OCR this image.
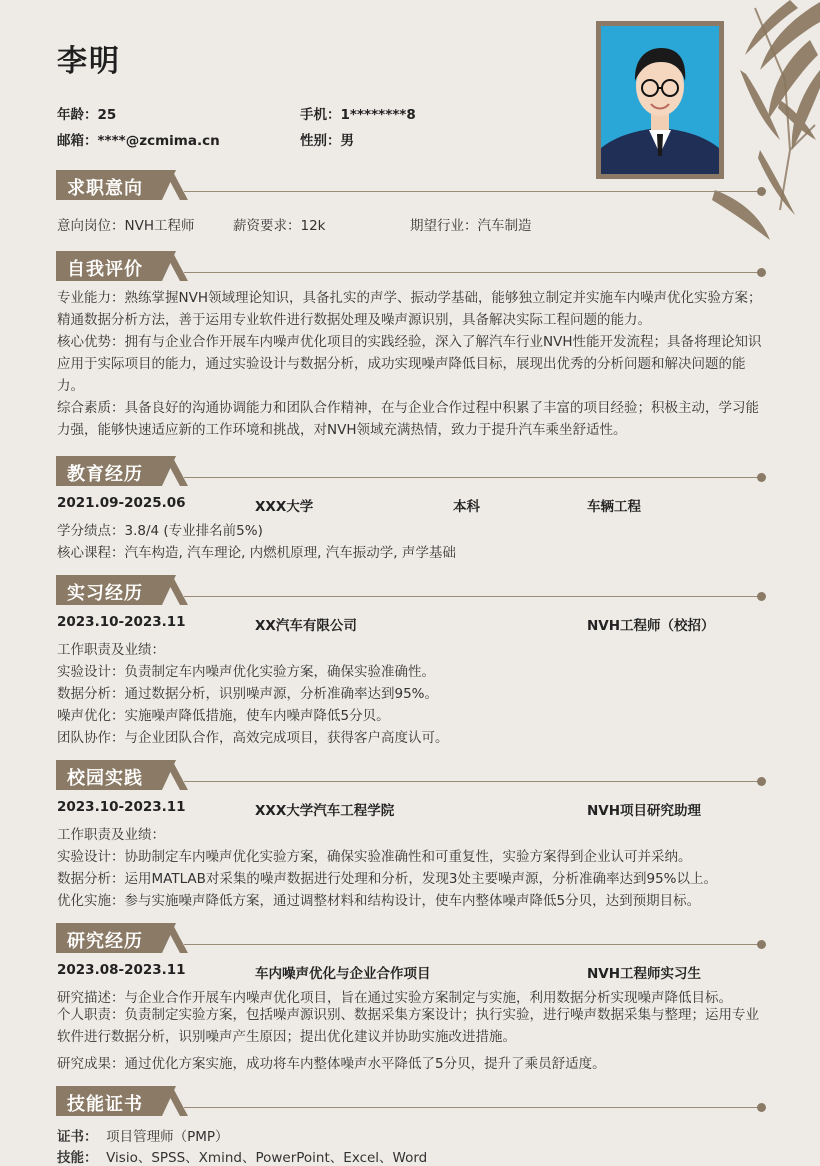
李明
年龄：25	手机：1********8
邮箱：****@zcmima.cn	性别：男
求职意向
意向岗位：NVH工程师	薪资要求：12k	期望行业：汽车制造
自我评价
专业能力：熟练掌握NVH领域理论知识，具备扎实的声学、振动学基础，能够独立制定并实施车内噪声优化实验方案；精通数据分析方法，善于运用专业软件进行数据处理及噪声源识别，具备解决实际工程问题的能力。
核心优势：拥有与企业合作开展车内噪声优化项目的实践经验，深入了解汽车行业NVH性能开发流程；具备将理论知识应用于实际项目的能力，通过实验设计与数据分析，成功实现噪声降低目标，展现出优秀的分析问题和解决问题的能力。
综合素质：具备良好的沟通协调能力和团队合作精神，在与企业合作过程中积累了丰富的项目经验；积极主动，学习能力强，能够快速适应新的工作环境和挑战，对NVH领域充满热情，致力于提升汽车乘坐舒适性。
教育经历
2021.09-2025.06	XXX大学	本科	车辆工程
学分绩点：3.8/4 (专业排名前5%)
核心课程：汽车构造, 汽车理论, 内燃机原理, 汽车振动学, 声学基础
实习经历
2023.10-2023.11	XX汽车有限公司	NVH工程师（校招）
工作职责及业绩：
实验设计：负责制定车内噪声优化实验方案，确保实验准确性。
数据分析：通过数据分析，识别噪声源，分析准确率达到95%。
噪声优化：实施噪声降低措施，使车内噪声降低5分贝。
团队协作：与企业团队合作，高效完成项目，获得客户高度认可。
校园实践
2023.10-2023.11	XXX大学汽车工程学院	NVH项目研究助理
工作职责及业绩：
实验设计：协助制定车内噪声优化实验方案，确保实验准确性和可重复性，实验方案得到企业认可并采纳。
数据分析：运用MATLAB对采集的噪声数据进行处理和分析，发现3处主要噪声源，分析准确率达到95%以上。
优化实施：参与实施噪声降低方案，通过调整材料和结构设计，使车内整体噪声降低5分贝，达到预期目标。
研究经历
2023.08-2023.11	车内噪声优化与企业合作项目	NVH工程师实习生
研究描述：与企业合作开展车内噪声优化项目，旨在通过实验方案制定与实施，利用数据分析实现噪声降低目标。
个人职责：负责制定实验方案，包括噪声源识别、数据采集方案设计；执行实验，进行噪声数据采集与整理；运用专业软件进行数据分析，识别噪声产生原因；提出优化建议并协助实施改进措施。
研究成果：通过优化方案实施，成功将车内整体噪声水平降低了5分贝，提升了乘员舒适度。
技能证书
证书： 项目管理师（PMP）
技能： Visio、SPSS、Xmind、PowerPoint、Excel、Word
